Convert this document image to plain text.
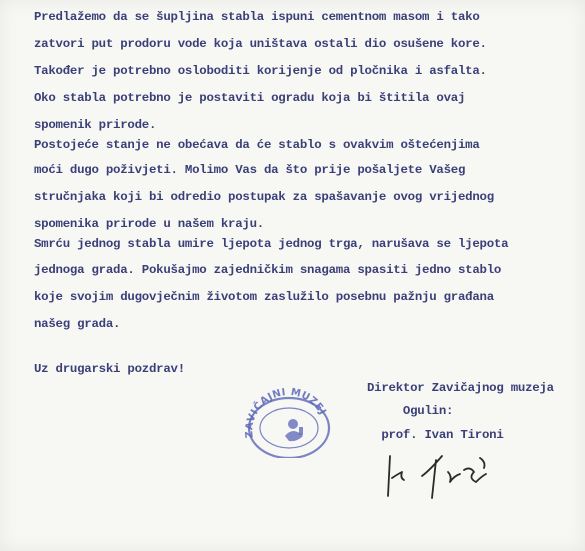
Predlažemo da se šupljina stabla ispuni cementnom masom i tako

zatvori put prodoru vode koja uništava ostali dio osušene kore.

Također je potrebno osloboditi korijenje od pločnika i asfalta.

Oko stabla potrebno je postaviti ogradu koja bi štitila ovaj

spomenik prirode.

Postojeće stanje ne obećava da će stablo s ovakvim oštećenjima

moći dugo poživjeti. Molimo Vas da što prije pošaljete Vašeg

stručnjaka koji bi odredio postupak za spašavanje ovog vrijednog

spomenika prirode u našem kraju.

Smrću jednog stabla umire ljepota jednog trga, narušava se ljepota

jednoga grada. Pokušajmo zajedničkim snagama spasiti jedno stablo

koje svojim dugovječnim životom zaslužilo posebnu pažnju građana

našeg grada.

Uz drugarski pozdrav!

Direktor Zavičajnog muzeja

Ogulin:

prof. Ivan Tironi

ZAVIČAJNI MUZEJ
